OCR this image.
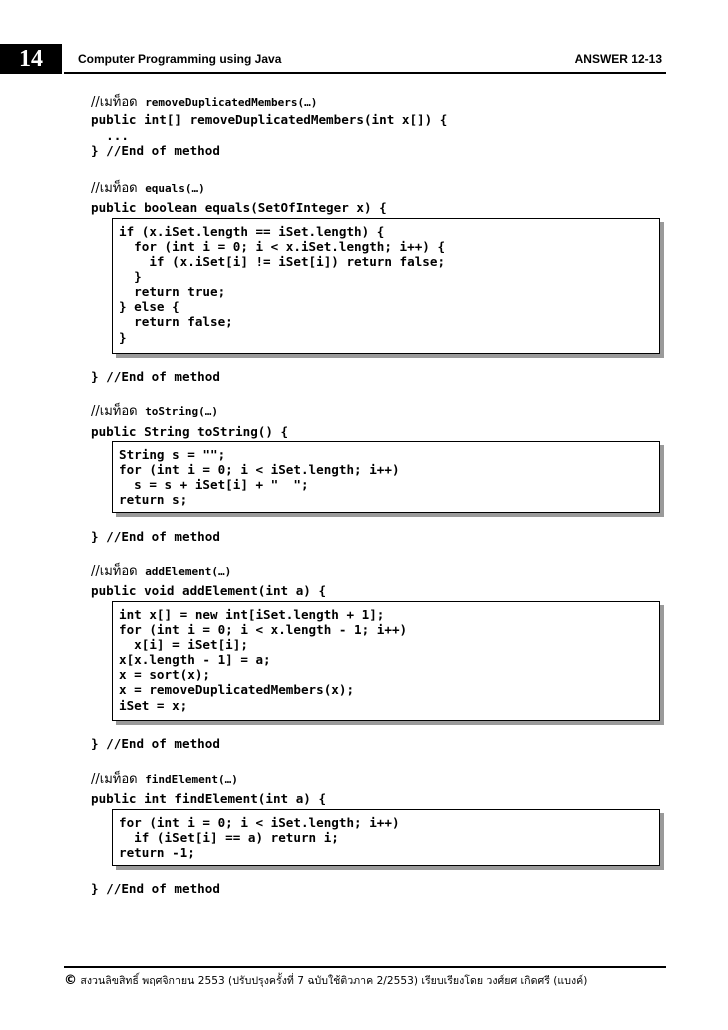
14	Computer Programming using Java	ANSWER 12-13
//เมท็อด removeDuplicatedMembers(…)
public int[] removeDuplicatedMembers(int x[]) {
...
} //End of method
//เมท็อด equals(…)
public boolean equals(SetOfInteger x) {
if (x.iSet.length == iSet.length) {
for (int i = 0; i < x.iSet.length; i++) {
if (x.iSet[i] != iSet[i]) return false;
}
return true;
} else {
return false;
}
} //End of method
//เมท็อด toString(…)
public String toString() {
String s = "";
for (int i = 0; i < iSet.length; i++)
s = s + iSet[i] + "  ";
return s;
} //End of method
//เมท็อด addElement(…)
public void addElement(int a) {
int x[] = new int[iSet.length + 1];
for (int i = 0; i < x.length - 1; i++)
x[i] = iSet[i];
x[x.length - 1] = a;
x = sort(x);
x = removeDuplicatedMembers(x);
iSet = x;
} //End of method
//เมท็อด findElement(…)
public int findElement(int a) {
for (int i = 0; i < iSet.length; i++)
if (iSet[i] == a) return i;
return -1;
} //End of method
© สงวนลิขสิทธิ์ พฤศจิกายน 2553 (ปรับปรุงครั้งที่ 7 ฉบับใช้ติวภาค 2/2553) เรียบเรียงโดย วงศ์ยศ เกิดศรี (แบงค์)
